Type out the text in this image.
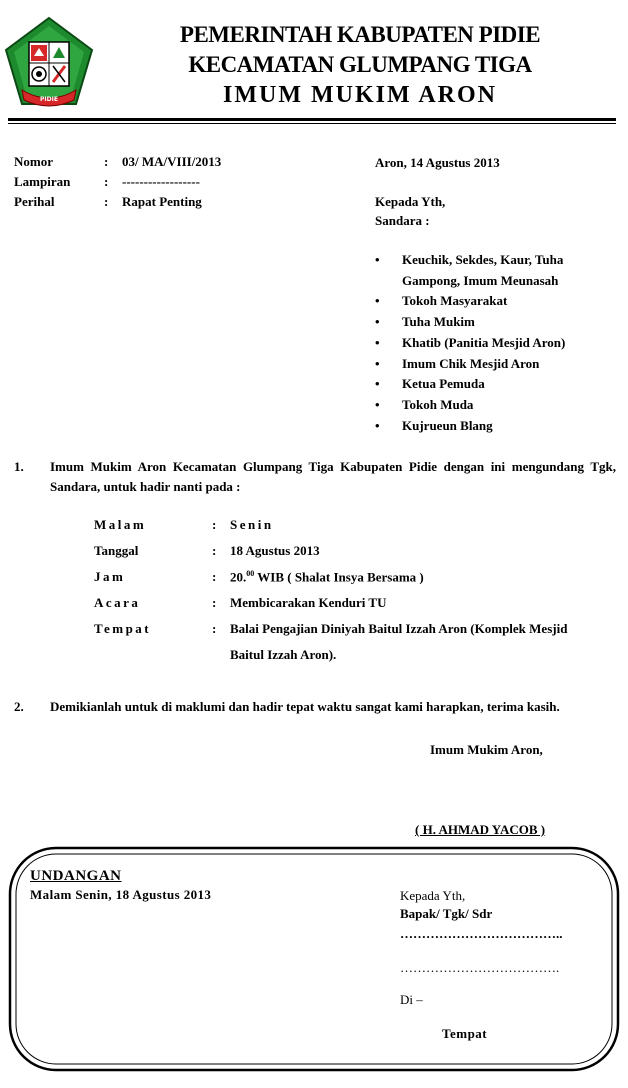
PIDIE
PEMERINTAH KABUPATEN PIDIE
KECAMATAN GLUMPANG TIGA
IMUM MUKIM ARON
Nomor	: 03/ MA/VIII/2013
Lampiran	: ------------------
Perihal	: Rapat Penting
Aron, 14 Agustus 2013
Kepada Yth,
Sandara :
• Keuchik, Sekdes, Kaur, Tuha Gampong, Imum Meunasah
• Tokoh Masyarakat
• Tuha Mukim
• Khatib (Panitia Mesjid Aron)
• Imum Chik Mesjid Aron
• Ketua Pemuda
• Tokoh Muda
• Kujrueun Blang
1. Imum Mukim Aron Kecamatan Glumpang Tiga Kabupaten Pidie dengan ini mengundang Tgk, Sandara, untuk hadir nanti pada :
Malam	: Senin
Tanggal	: 18 Agustus 2013
Jam	: 20.00 WIB ( Shalat Insya Bersama )
Acara	: Membicarakan Kenduri TU
Tempat	: Balai Pengajian Diniyah Baitul Izzah Aron (Komplek Mesjid
Baitul Izzah Aron).
2. Demikianlah untuk di maklumi dan hadir tepat waktu sangat kami harapkan, terima kasih.
Imum Mukim Aron,
( H. AHMAD YACOB )
UNDANGAN
Malam Senin, 18 Agustus 2013	Kepada Yth,
Bapak/ Tgk/ Sdr
………………………………..
……………………………….
Di –
Tempat
